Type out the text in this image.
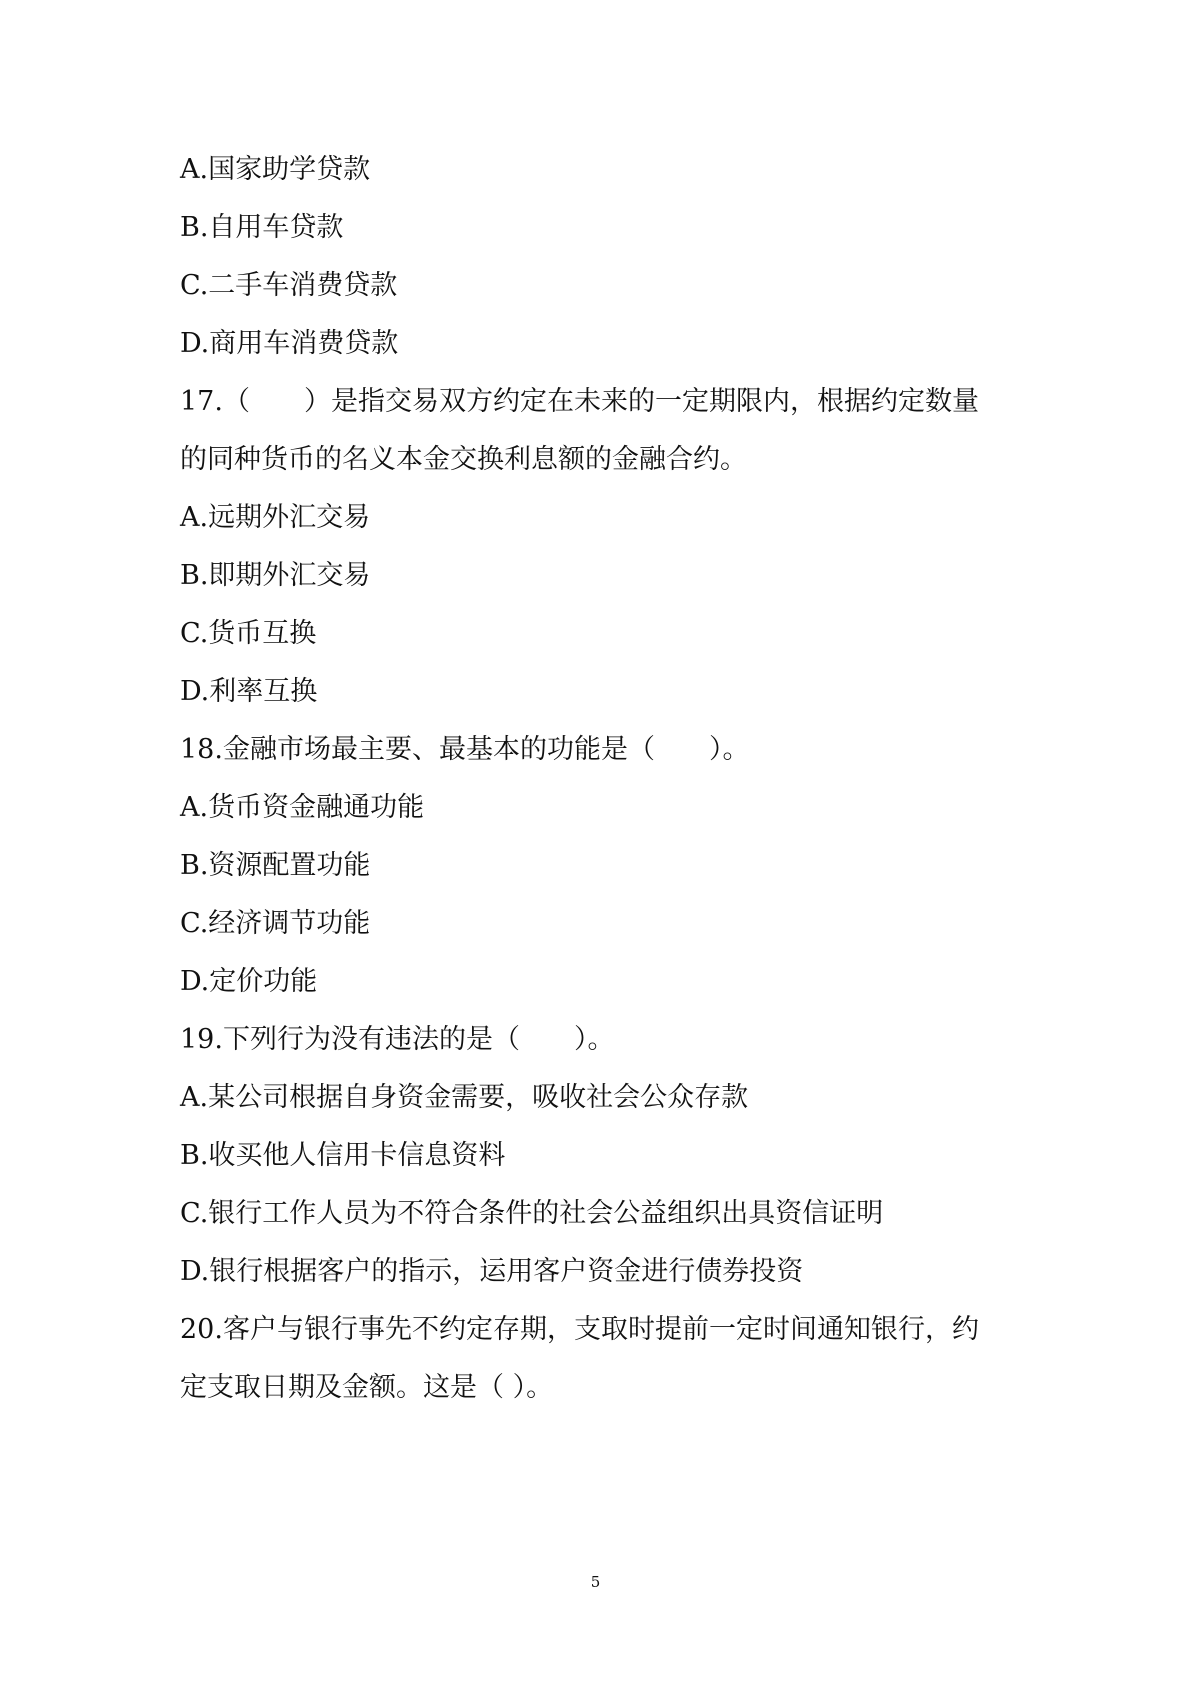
A.国家助学贷款
B.自用车贷款
C.二手车消费贷款
D.商用车消费贷款
17.（　　）是指交易双方约定在未来的一定期限内，根据约定数量
的同种货币的名义本金交换利息额的金融合约。
A.远期外汇交易
B.即期外汇交易
C.货币互换
D.利率互换
18.金融市场最主要、最基本的功能是（　　）。
A.货币资金融通功能
B.资源配置功能
C.经济调节功能
D.定价功能
19.下列行为没有违法的是（　　）。
A.某公司根据自身资金需要，吸收社会公众存款
B.收买他人信用卡信息资料
C.银行工作人员为不符合条件的社会公益组织出具资信证明
D.银行根据客户的指示，运用客户资金进行债券投资
20.客户与银行事先不约定存期，支取时提前一定时间通知银行，约
定支取日期及金额。这是（ ）。
5
